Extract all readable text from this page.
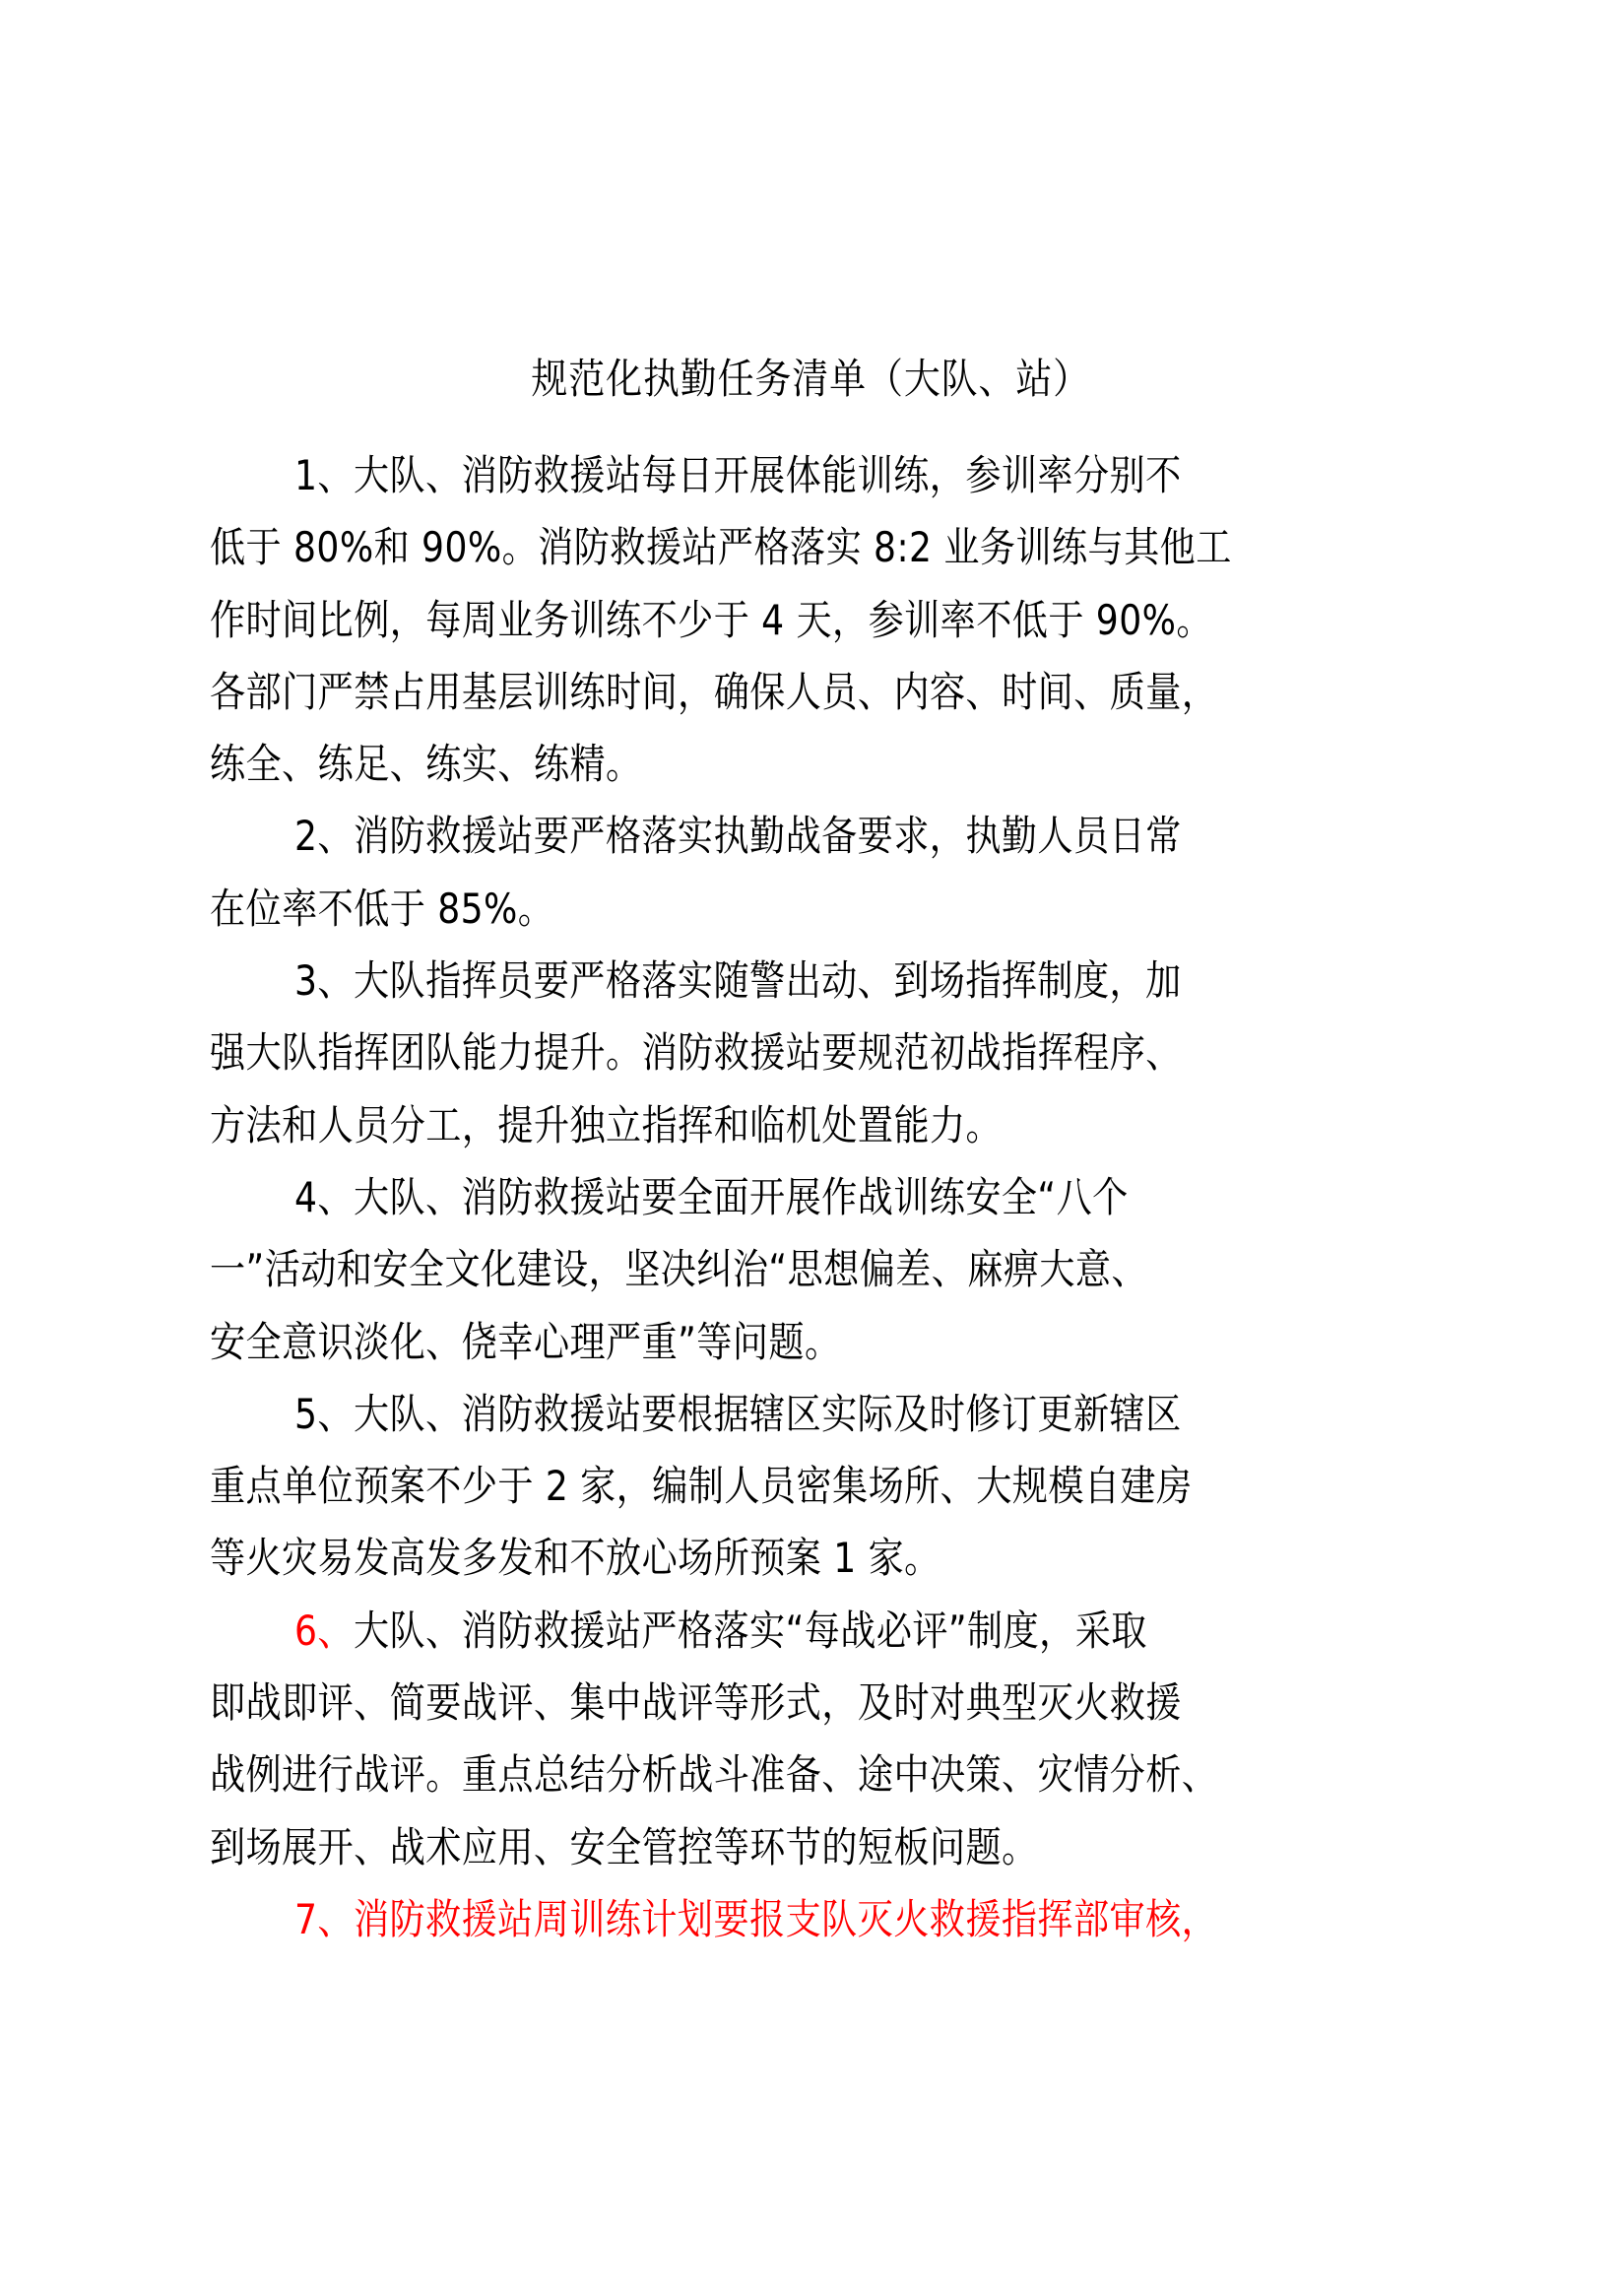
规范化执勤任务清单（大队、站）
1、大队、消防救援站每日开展体能训练，参训率分别不
低于 80%和 90%。消防救援站严格落实 8:2 业务训练与其他工
作时间比例，每周业务训练不少于 4 天，参训率不低于 90%。
各部门严禁占用基层训练时间，确保人员、内容、时间、质量，
练全、练足、练实、练精。
2、消防救援站要严格落实执勤战备要求，执勤人员日常
在位率不低于 85%。
3、大队指挥员要严格落实随警出动、到场指挥制度，加
强大队指挥团队能力提升。消防救援站要规范初战指挥程序、
方法和人员分工，提升独立指挥和临机处置能力。
4、大队、消防救援站要全面开展作战训练安全“八个
一”活动和安全文化建设，坚决纠治“思想偏差、麻痹大意、
安全意识淡化、侥幸心理严重”等问题。
5、大队、消防救援站要根据辖区实际及时修订更新辖区
重点单位预案不少于 2 家，编制人员密集场所、大规模自建房
等火灾易发高发多发和不放心场所预案 1 家。
6、大队、消防救援站严格落实“每战必评”制度，采取
即战即评、简要战评、集中战评等形式，及时对典型灭火救援
战例进行战评。重点总结分析战斗准备、途中决策、灾情分析、
到场展开、战术应用、安全管控等环节的短板问题。
7、消防救援站周训练计划要报支队灭火救援指挥部审核，
